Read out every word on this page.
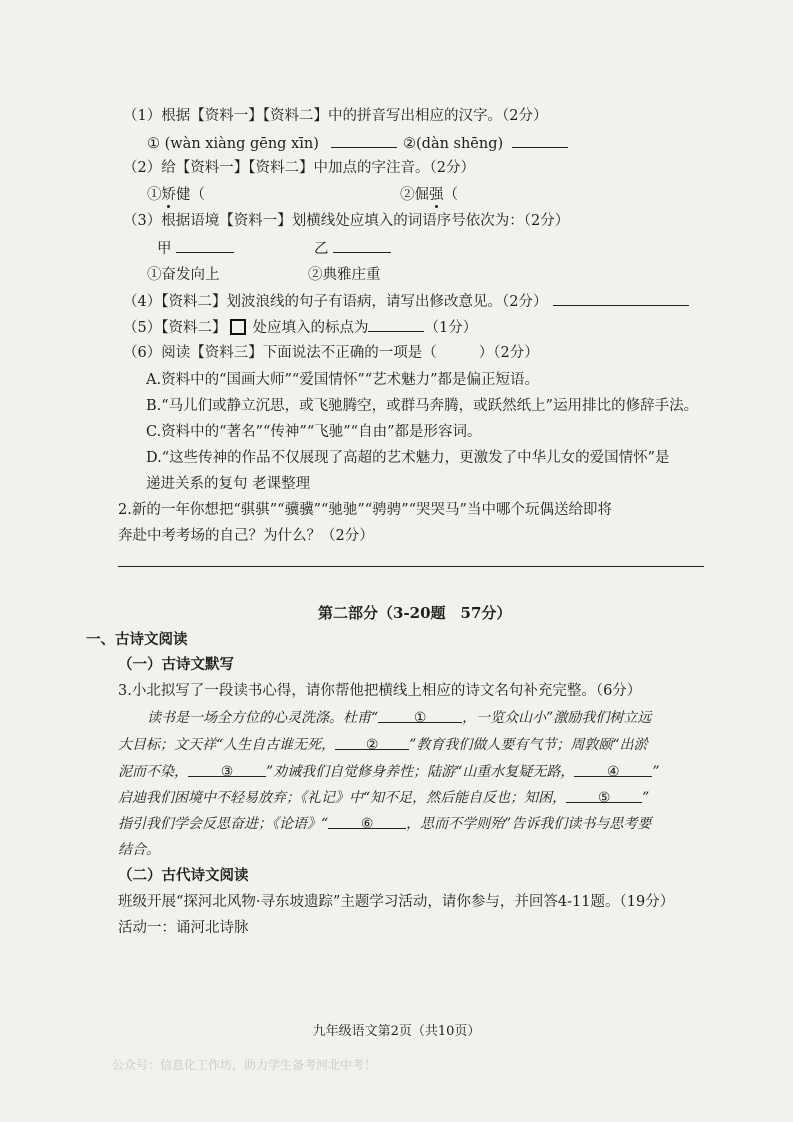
（1）根据【资料一】【资料二】中的拼音写出相应的汉字。（2分）
① (wàn xiàng gēng xīn)	②(dàn shēng)
（2）给【资料一】【资料二】中加点的字注音。（2分）
①矫健（	②倔强（
（3）根据语境【资料一】划横线处应填入的词语序号依次为：（2分）
甲	乙
①奋发向上	②典雅庄重
（4）【资料二】划波浪线的句子有语病，请写出修改意见。（2分）
（5）【资料二】 处应填入的标点为	（1分）
（6）阅读【资料三】下面说法不正确的一项是（	）（2分）
A.资料中的“国画大师”“爱国情怀”“艺术魅力”都是偏正短语。
B.“马儿们或静立沉思，或飞驰腾空，或群马奔腾，或跃然纸上”运用排比的修辞手法。
C.资料中的“著名”“传神”“飞驰”“自由”都是形容词。
D.“这些传神的作品不仅展现了高超的艺术魅力，更激发了中华儿女的爱国情怀”是
递进关系的复句 老课整理
2.新的一年你想把“骐骐”“骥骥”“驰驰”“骋骋”“哭哭马”当中哪个玩偶送给即将
奔赴中考考场的自己？为什么？（2分）
第二部分（3-20题　57分）
一、古诗文阅读
（一）古诗文默写
3.小北拟写了一段读书心得，请你帮他把横线上相应的诗文名句补充完整。（6分）
读书是一场全方位的心灵洗涤。杜甫“	①	，一览众山小”激励我们树立远
大目标；文天祥“人生自古谁无死， ② ”教育我们做人要有气节；周敦颐“出淤
泥而不染， ③ ”劝诫我们自觉修身养性；陆游“山重水复疑无路， ④ ”
启迪我们困境中不轻易放弃；《礼记》中“知不足，然后能自反也；知困， ⑤ ”
指引我们学会反思奋进；《论语》“ ⑥ ，思而不学则殆”告诉我们读书与思考要
结合。
（二）古代诗文阅读
班级开展“探河北风物·寻东坡遗踪”主题学习活动，请你参与，并回答4-11题。（19分）
活动一：诵河北诗脉
九年级语文第2页（共10页）
公众号：信息化工作坊，助力学生备考河北中考！
